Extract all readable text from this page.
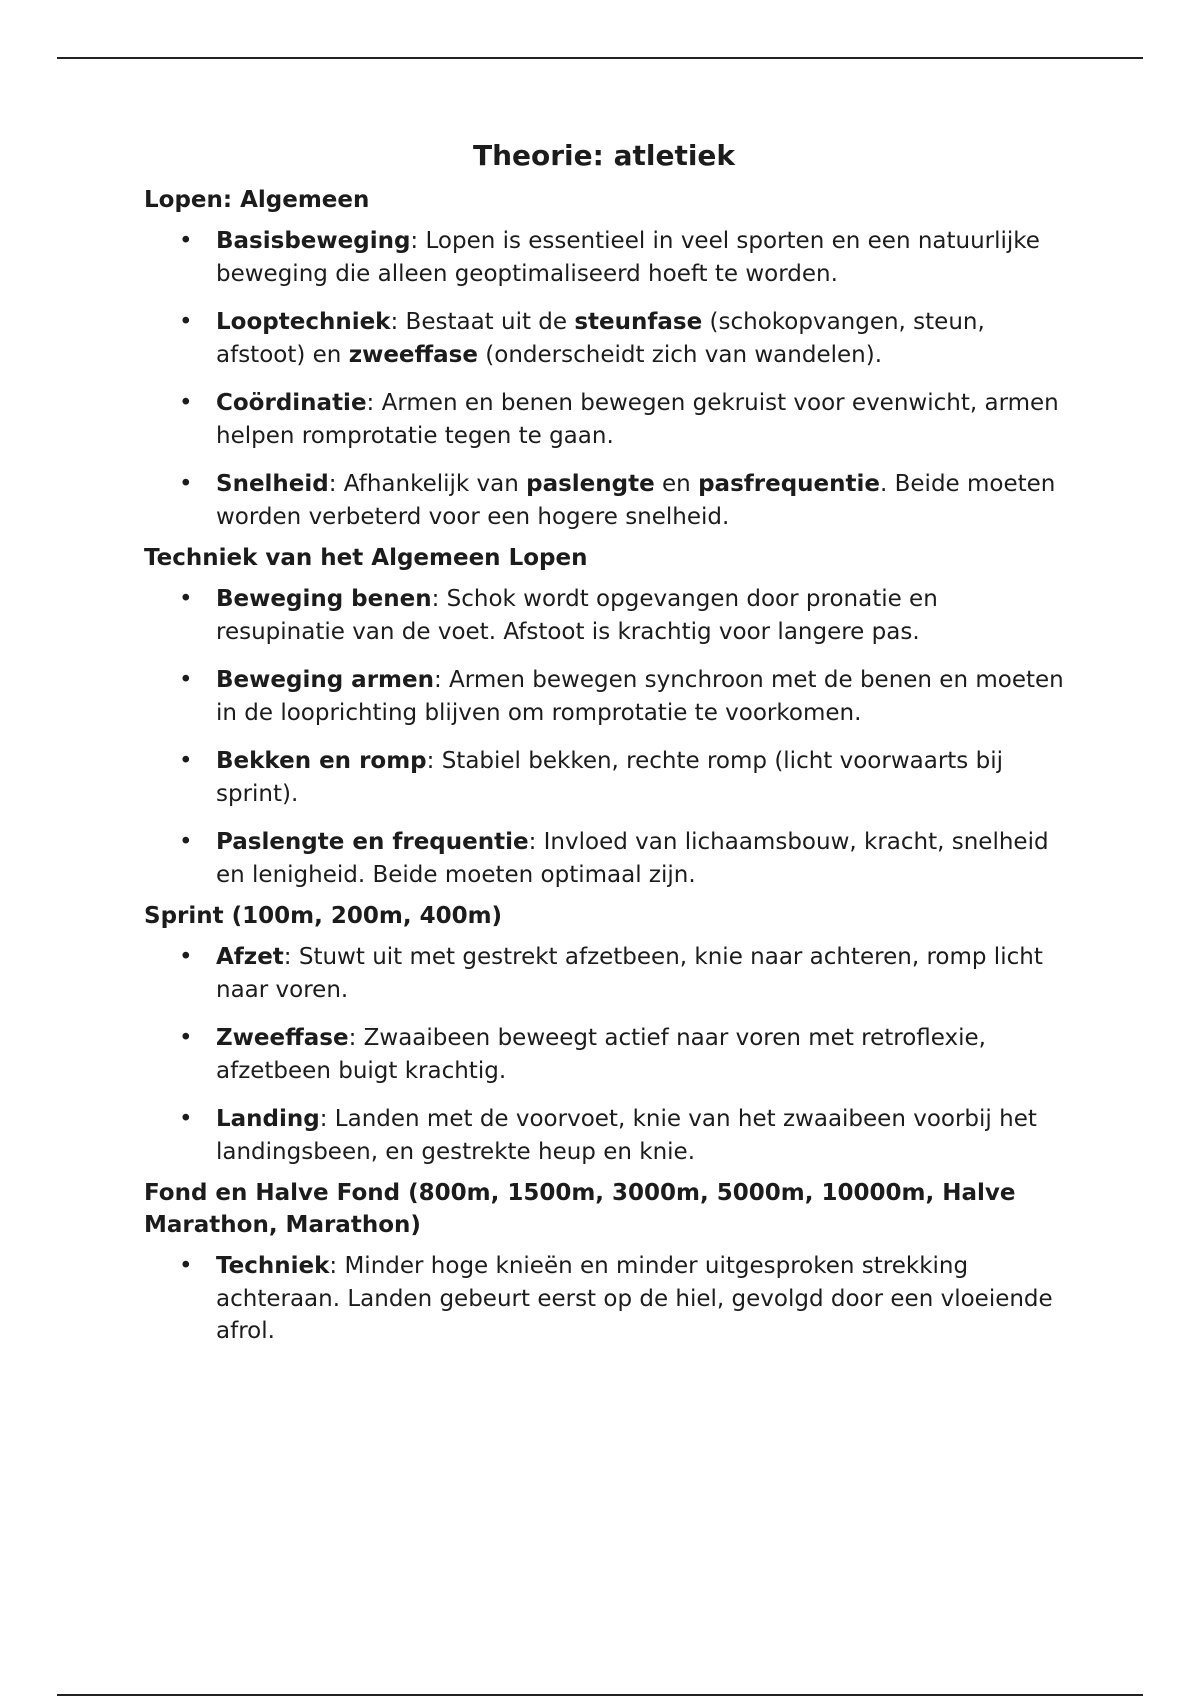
Theorie: atletiek
Lopen: Algemeen
• Basisbeweging: Lopen is essentieel in veel sporten en een natuurlijke beweging die alleen geoptimaliseerd hoeft te worden.
• Looptechniek: Bestaat uit de steunfase (schokopvangen, steun, afstoot) en zweeffase (onderscheidt zich van wandelen).
• Coördinatie: Armen en benen bewegen gekruist voor evenwicht, armen helpen romprotatie tegen te gaan.
• Snelheid: Afhankelijk van paslengte en pasfrequentie. Beide moeten worden verbeterd voor een hogere snelheid.
Techniek van het Algemeen Lopen
• Beweging benen: Schok wordt opgevangen door pronatie en resupinatie van de voet. Afstoot is krachtig voor langere pas.
• Beweging armen: Armen bewegen synchroon met de benen en moeten in de looprichting blijven om romprotatie te voorkomen.
• Bekken en romp: Stabiel bekken, rechte romp (licht voorwaarts bij sprint).
• Paslengte en frequentie: Invloed van lichaamsbouw, kracht, snelheid en lenigheid. Beide moeten optimaal zijn.
Sprint (100m, 200m, 400m)
• Afzet: Stuwt uit met gestrekt afzetbeen, knie naar achteren, romp licht naar voren.
• Zweeffase: Zwaaibeen beweegt actief naar voren met retroflexie, afzetbeen buigt krachtig.
• Landing: Landen met de voorvoet, knie van het zwaaibeen voorbij het landingsbeen, en gestrekte heup en knie.
Fond en Halve Fond (800m, 1500m, 3000m, 5000m, 10000m, Halve Marathon, Marathon)
• Techniek: Minder hoge knieën en minder uitgesproken strekking achteraan. Landen gebeurt eerst op de hiel, gevolgd door een vloeiende afrol.
